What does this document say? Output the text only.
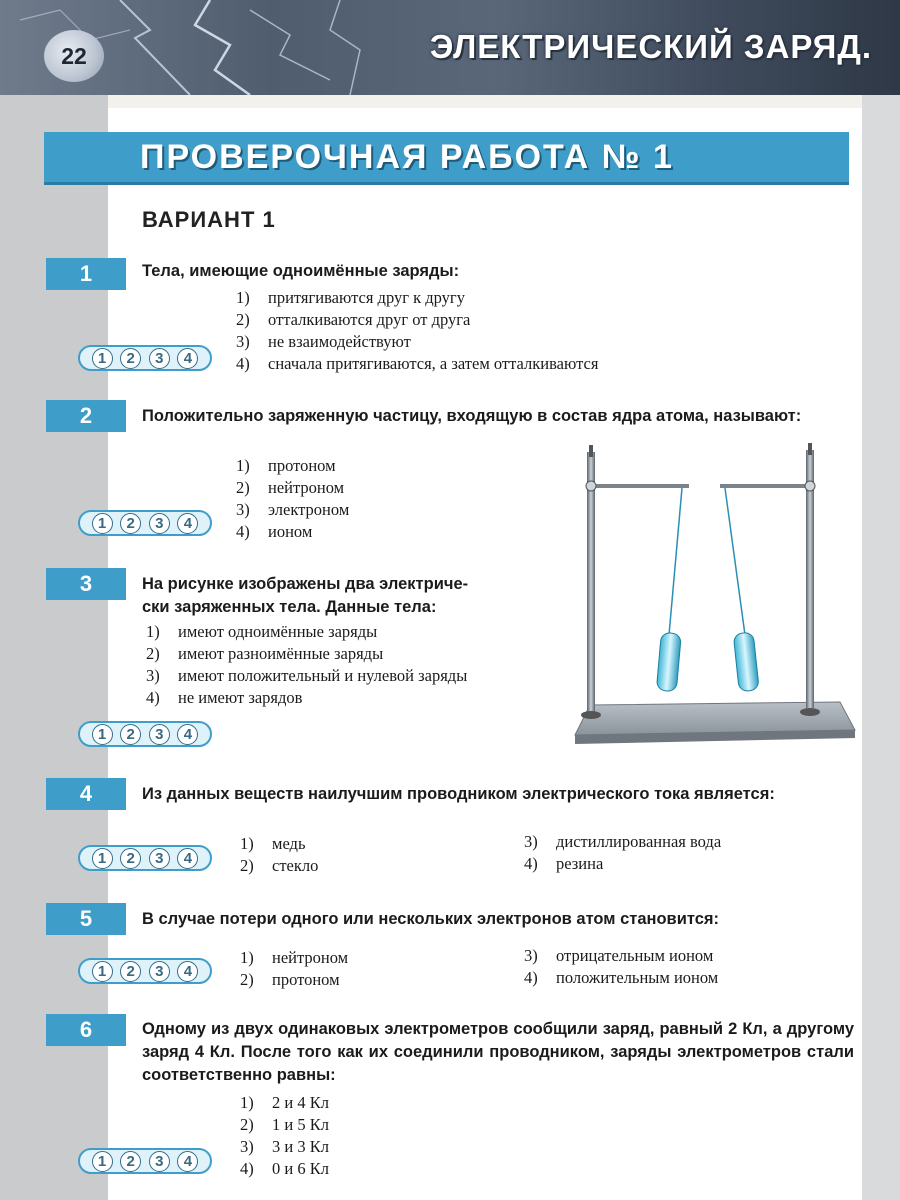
22	ЭЛЕКТРИЧЕСКИЙ ЗАРЯД.
ПРОВЕРОЧНАЯ РАБОТА № 1
ВАРИАНТ 1
1	Тела, имеющие одноимённые заряды:
1) притягиваются друг к другу
2) отталкиваются друг от друга
3) не взаимодействуют
4) сначала притягиваются, а затем отталкиваются
1	2	3	4
2	Положительно заряженную частицу, входящую в состав ядра атома, называют:
1) протоном
2) нейтроном
3) электроном
4) ионом
1	2	3	4
3	На рисунке изображены два электриче-
ски заряженных тела. Данные тела:
1) имеют одноимённые заряды
2) имеют разноимённые заряды
3) имеют положительный и нулевой заряды
4) не имеют зарядов
1	2	3	4
4	Из данных веществ наилучшим проводником электрического тока является:
1) медь
2) стекло
3) дистиллированная вода
4) резина
1	2	3	4
5	В случае потери одного или нескольких электронов атом становится:
1) нейтроном
2) протоном
3) отрицательным ионом
4) положительным ионом
1	2	3	4
6	Одному из двух одинаковых электрометров сообщили заряд, равный 2 Кл, а другому заряд 4 Кл. После того как их соединили проводником, заряды электрометров стали соответственно равны:
1) 2 и 4 Кл
2) 1 и 5 Кл
3) 3 и 3 Кл
4) 0 и 6 Кл
1	2	3	4
